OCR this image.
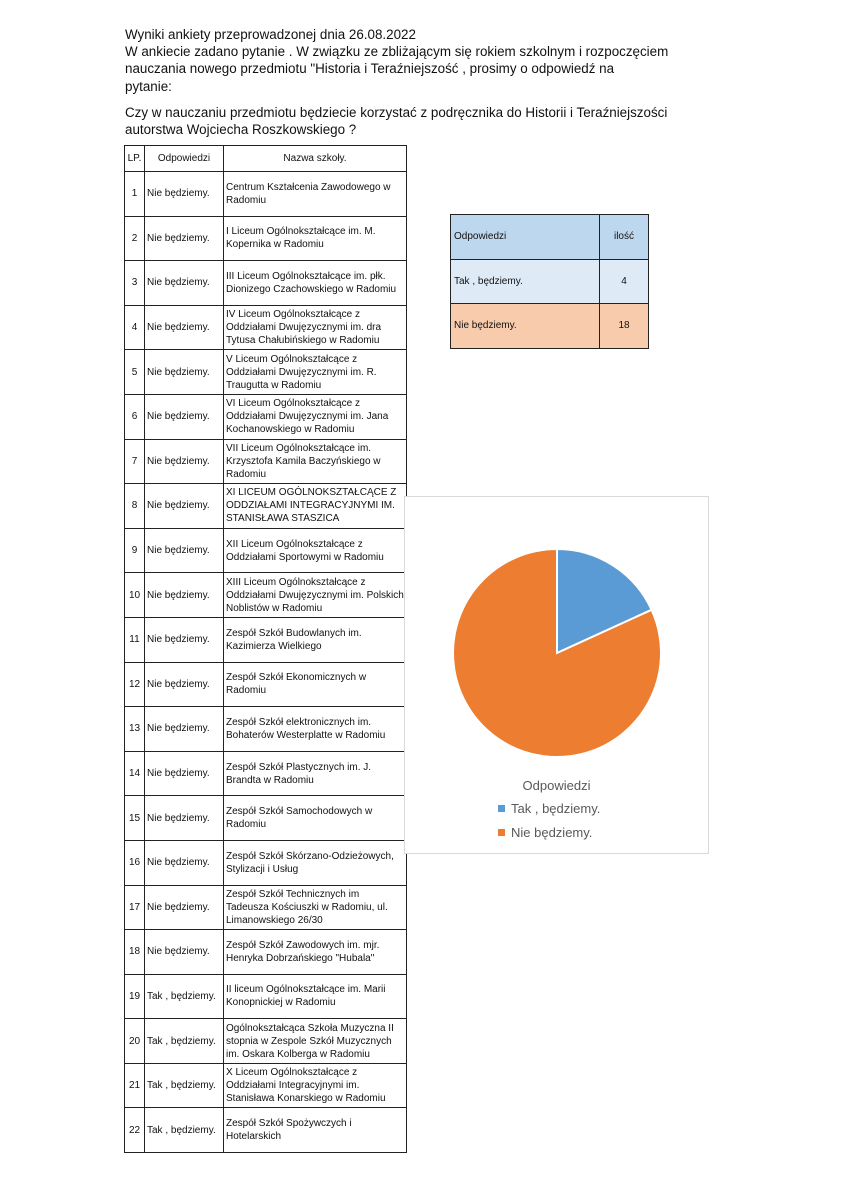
Wyniki ankiety przeprowadzonej dnia 26.08.2022
W ankiecie zadano pytanie . W związku ze zbliżającym się rokiem szkolnym i rozpoczęciem
nauczania nowego przedmiotu "Historia i Teraźniejszość , prosimy o odpowiedź na
pytanie:
Czy w nauczaniu przedmiotu będziecie korzystać z podręcznika do Historii i Teraźniejszości
autorstwa Wojciecha Roszkowskiego ?
LP.	Odpowiedzi	Nazwa szkoły.
1	Nie będziemy.	Centrum Kształcenia Zawodowego w Radomiu
2	Nie będziemy.	I Liceum Ogólnokształcące im. M. Kopernika w Radomiu
3	Nie będziemy.	III Liceum Ogólnokształcące im. płk. Dionizego Czachowskiego w Radomiu
4	Nie będziemy.	IV Liceum Ogólnokształcące z Oddziałami Dwujęzycznymi im. dra Tytusa Chałubińskiego w Radomiu
5	Nie będziemy.	V Liceum Ogólnokształcące z Oddziałami Dwujęzycznymi im. R. Traugutta w Radomiu
6	Nie będziemy.	VI Liceum Ogólnokształcące z Oddziałami Dwujęzycznymi im. Jana Kochanowskiego w Radomiu
7	Nie będziemy.	VII Liceum Ogólnokształcące im. Krzysztofa Kamila Baczyńskiego w Radomiu
8	Nie będziemy.	XI LICEUM OGÓLNOKSZTAŁCĄCE Z ODDZIAŁAMI INTEGRACYJNYMI IM. STANISŁAWA STASZICA
9	Nie będziemy.	XII Liceum Ogólnokształcące z Oddziałami Sportowymi w Radomiu
10	Nie będziemy.	XIII Liceum Ogólnokształcące z Oddziałami Dwujęzycznymi im. Polskich Noblistów w Radomiu
11	Nie będziemy.	Zespół Szkół Budowlanych im. Kazimierza Wielkiego
12	Nie będziemy.	Zespół Szkół Ekonomicznych w Radomiu
13	Nie będziemy.	Zespół Szkół elektronicznych im. Bohaterów Westerplatte w Radomiu
14	Nie będziemy.	Zespół Szkół Plastycznych im. J. Brandta w Radomiu
15	Nie będziemy.	Zespół Szkół Samochodowych w Radomiu
16	Nie będziemy.	Zespół Szkół Skórzano-Odzieżowych, Stylizacji i Usług
17	Nie będziemy.	Zespół Szkół Technicznych im Tadeusza Kościuszki w Radomiu, ul. Limanowskiego 26/30
18	Nie będziemy.	Zespół Szkół Zawodowych im. mjr. Henryka Dobrzańskiego "Hubala"
19	Tak , będziemy.	II liceum Ogólnokształcące im. Marii Konopnickiej w Radomiu
20	Tak , będziemy.	Ogólnokształcąca Szkoła Muzyczna II stopnia w Zespole Szkół Muzycznych im. Oskara Kolberga w Radomiu
21	Tak , będziemy.	X Liceum Ogólnokształcące z Oddziałami Integracyjnymi im. Stanisława Konarskiego w Radomiu
22	Tak , będziemy.	Zespół Szkół Spożywczych i Hotelarskich
Odpowiedzi	ilość
Tak , będziemy.	4
Nie będziemy.	18
Odpowiedzi
Tak , będziemy.
Nie będziemy.
